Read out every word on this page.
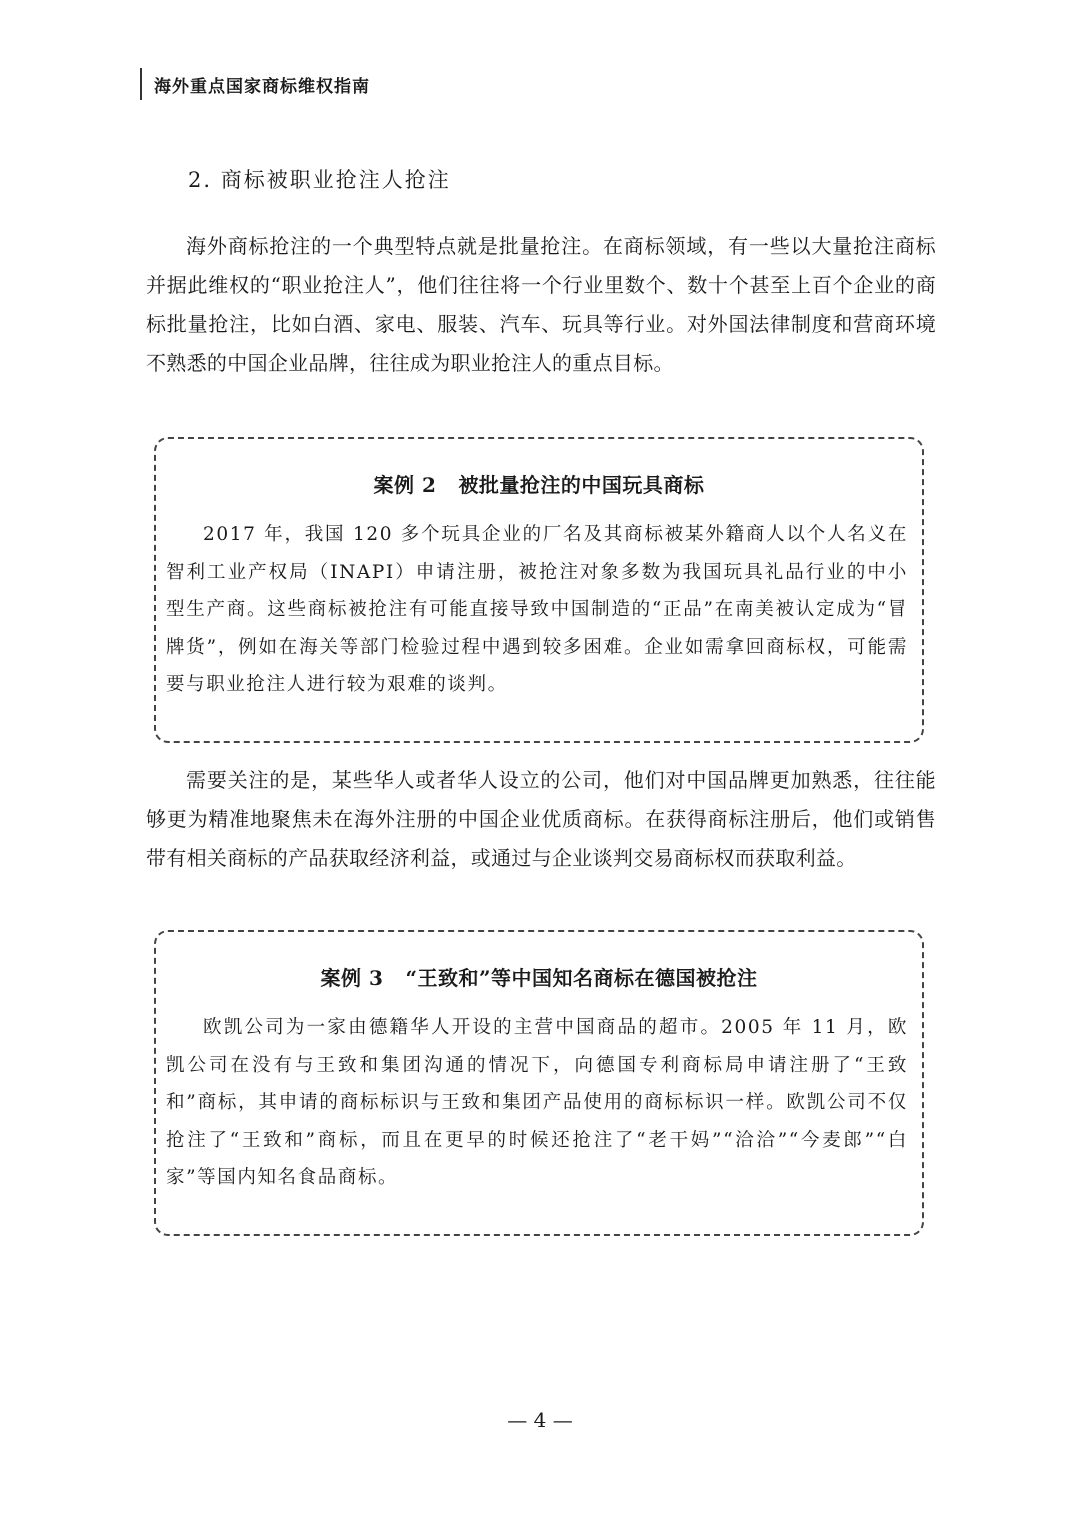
海外重点国家商标维权指南
2. 商标被职业抢注人抢注

海外商标抢注的一个典型特点就是批量抢注。在商标领域，有一些以大量抢注商标并据此维权的“职业抢注人”，他们往往将一个行业里数个、数十个甚至上百个企业的商标批量抢注，比如白酒、家电、服装、汽车、玩具等行业。对外国法律制度和营商环境不熟悉的中国企业品牌，往往成为职业抢注人的重点目标。

案例 2 被批量抢注的中国玩具商标

2017 年，我国 120 多个玩具企业的厂名及其商标被某外籍商人以个人名义在智利工业产权局（INAPI）申请注册，被抢注对象多数为我国玩具礼品行业的中小型生产商。这些商标被抢注有可能直接导致中国制造的“正品”在南美被认定成为“冒牌货”，例如在海关等部门检验过程中遇到较多困难。企业如需拿回商标权，可能需要与职业抢注人进行较为艰难的谈判。

需要关注的是，某些华人或者华人设立的公司，他们对中国品牌更加熟悉，往往能够更为精准地聚焦未在海外注册的中国企业优质商标。在获得商标注册后，他们或销售带有相关商标的产品获取经济利益，或通过与企业谈判交易商标权而获取利益。

案例 3 “王致和”等中国知名商标在德国被抢注

欧凯公司为一家由德籍华人开设的主营中国商品的超市。2005 年 11 月，欧凯公司在没有与王致和集团沟通的情况下，向德国专利商标局申请注册了“王致和”商标，其申请的商标标识与王致和集团产品使用的商标标识一样。欧凯公司不仅抢注了“王致和”商标，而且在更早的时候还抢注了“老干妈”“洽洽”“今麦郎”“白家”等国内知名食品商标。

— 4 —
